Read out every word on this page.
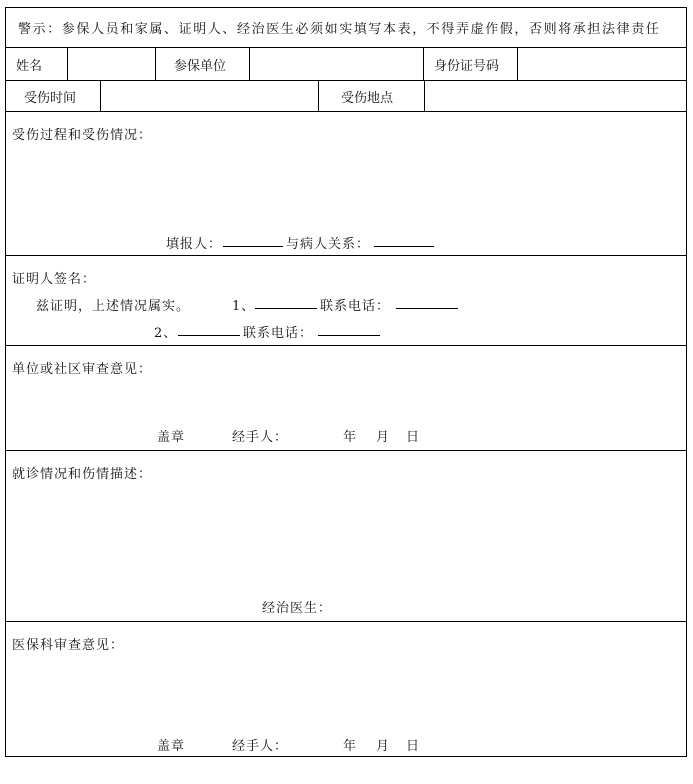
警示：参保人员和家属、证明人、经治医生必须如实填写本表，不得弄虚作假，否则将承担法律责任
姓名	参保单位	身份证号码
受伤时间	受伤地点
受伤过程和受伤情况：
填报人：	与病人关系：
证明人签名：
兹证明，上述情况属实。	1、	联系电话：
2、	联系电话：
单位或社区审查意见：
盖章	经手人：	年 月 日
就诊情况和伤情描述：
经治医生：
医保科审查意见：
盖章	经手人：	年 月 日
